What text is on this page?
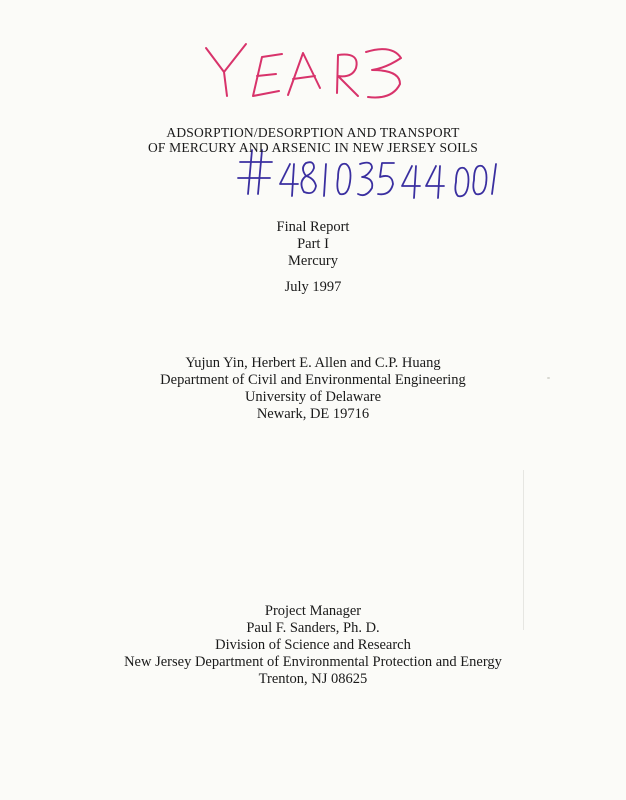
ADSORPTION/DESORPTION AND TRANSPORT
OF MERCURY AND ARSENIC IN NEW JERSEY SOILS
Final Report
Part I
Mercury
July 1997
Yujun Yin, Herbert E. Allen and C.P. Huang
Department of Civil and Environmental Engineering
University of Delaware
Newark, DE 19716
Project Manager
Paul F. Sanders, Ph. D.
Division of Science and Research
New Jersey Department of Environmental Protection and Energy
Trenton, NJ 08625
